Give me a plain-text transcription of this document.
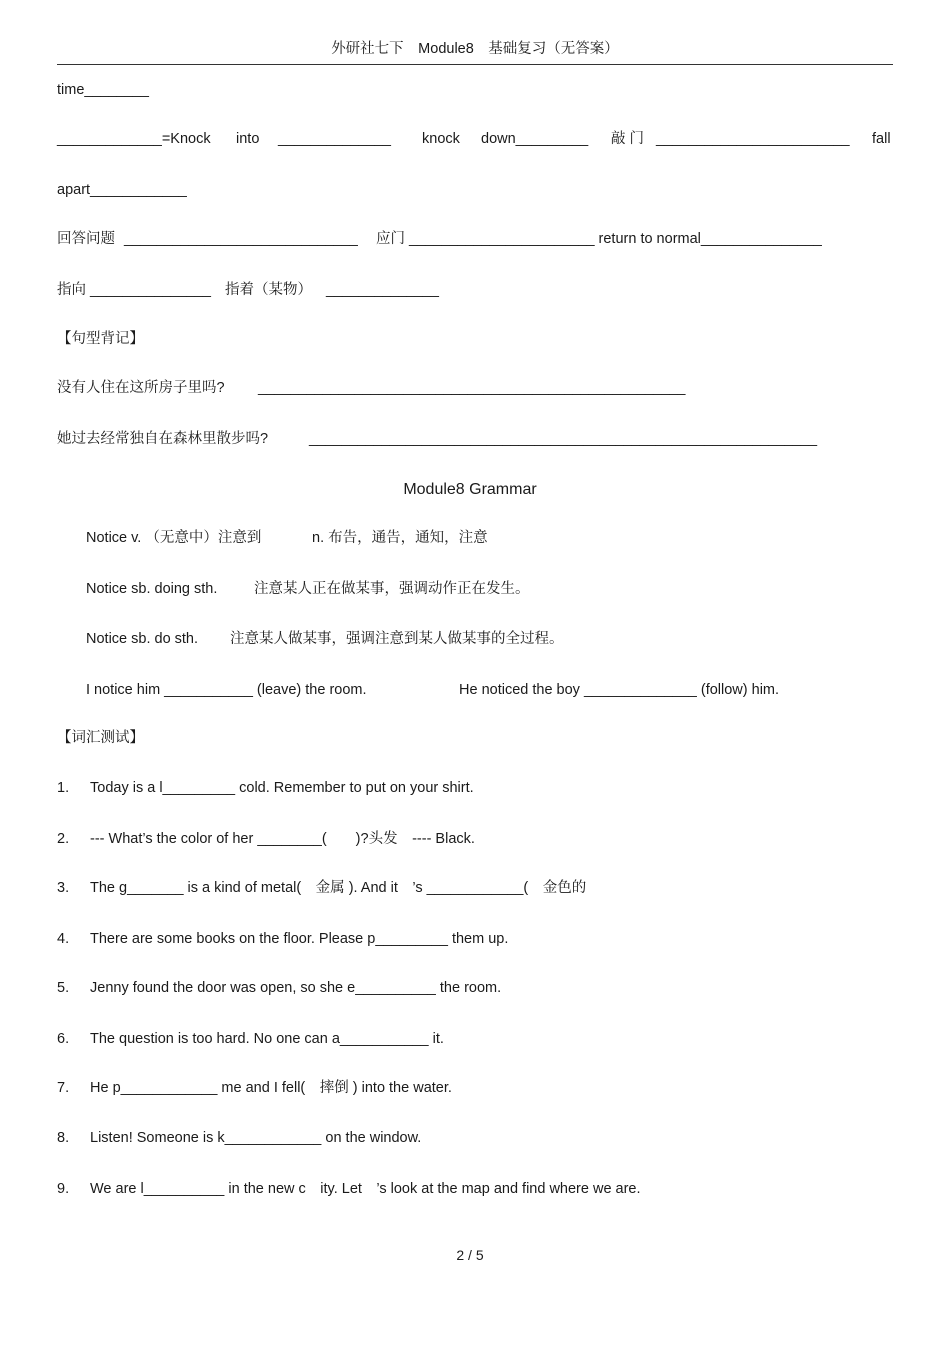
外研社七下　Module8　基础复习（无答案）
time________
_____________=Knock into ______________ knock down_________ 敲 门 ________________________ fall
apart____________
回答问题 _____________________________ 应门 _______________________ return to normal_______________
指向 _______________ 指着（某物） ______________
【句型背记】
没有人住在这所房子里吗? _____________________________________________________
她过去经常独自在森林里散步吗?	_______________________________________________________________
Module8 Grammar
Notice v. （无意中）注意到	n. 布告，通告，通知，注意
Notice sb. doing sth.	注意某人正在做某事，强调动作正在发生。
Notice sb. do sth. 注意某人做某事，强调注意到某人做某事的全过程。
I notice him ___________ (leave) the room.	He noticed the boy ______________ (follow) him.
【词汇测试】
1. Today is a l_________ cold. Remember to put on your shirt.
2. --- What’s the color of her ________(　　)?头发　---- Black.
3. The g_______ is a kind of metal(　金属 ). And it　’s ____________(　金色的
4. There are some books on the floor. Please p_________ them up.
5. Jenny found the door was open, so she e__________ the room.
6. The question is too hard. No one can a___________ it.
7. He p____________ me and I fell(　摔倒 ) into the water.
8. Listen! Someone is k____________ on the window.
9. We are l__________ in the new c　ity. Let　’s look at the map and find where we are.
2 / 5
